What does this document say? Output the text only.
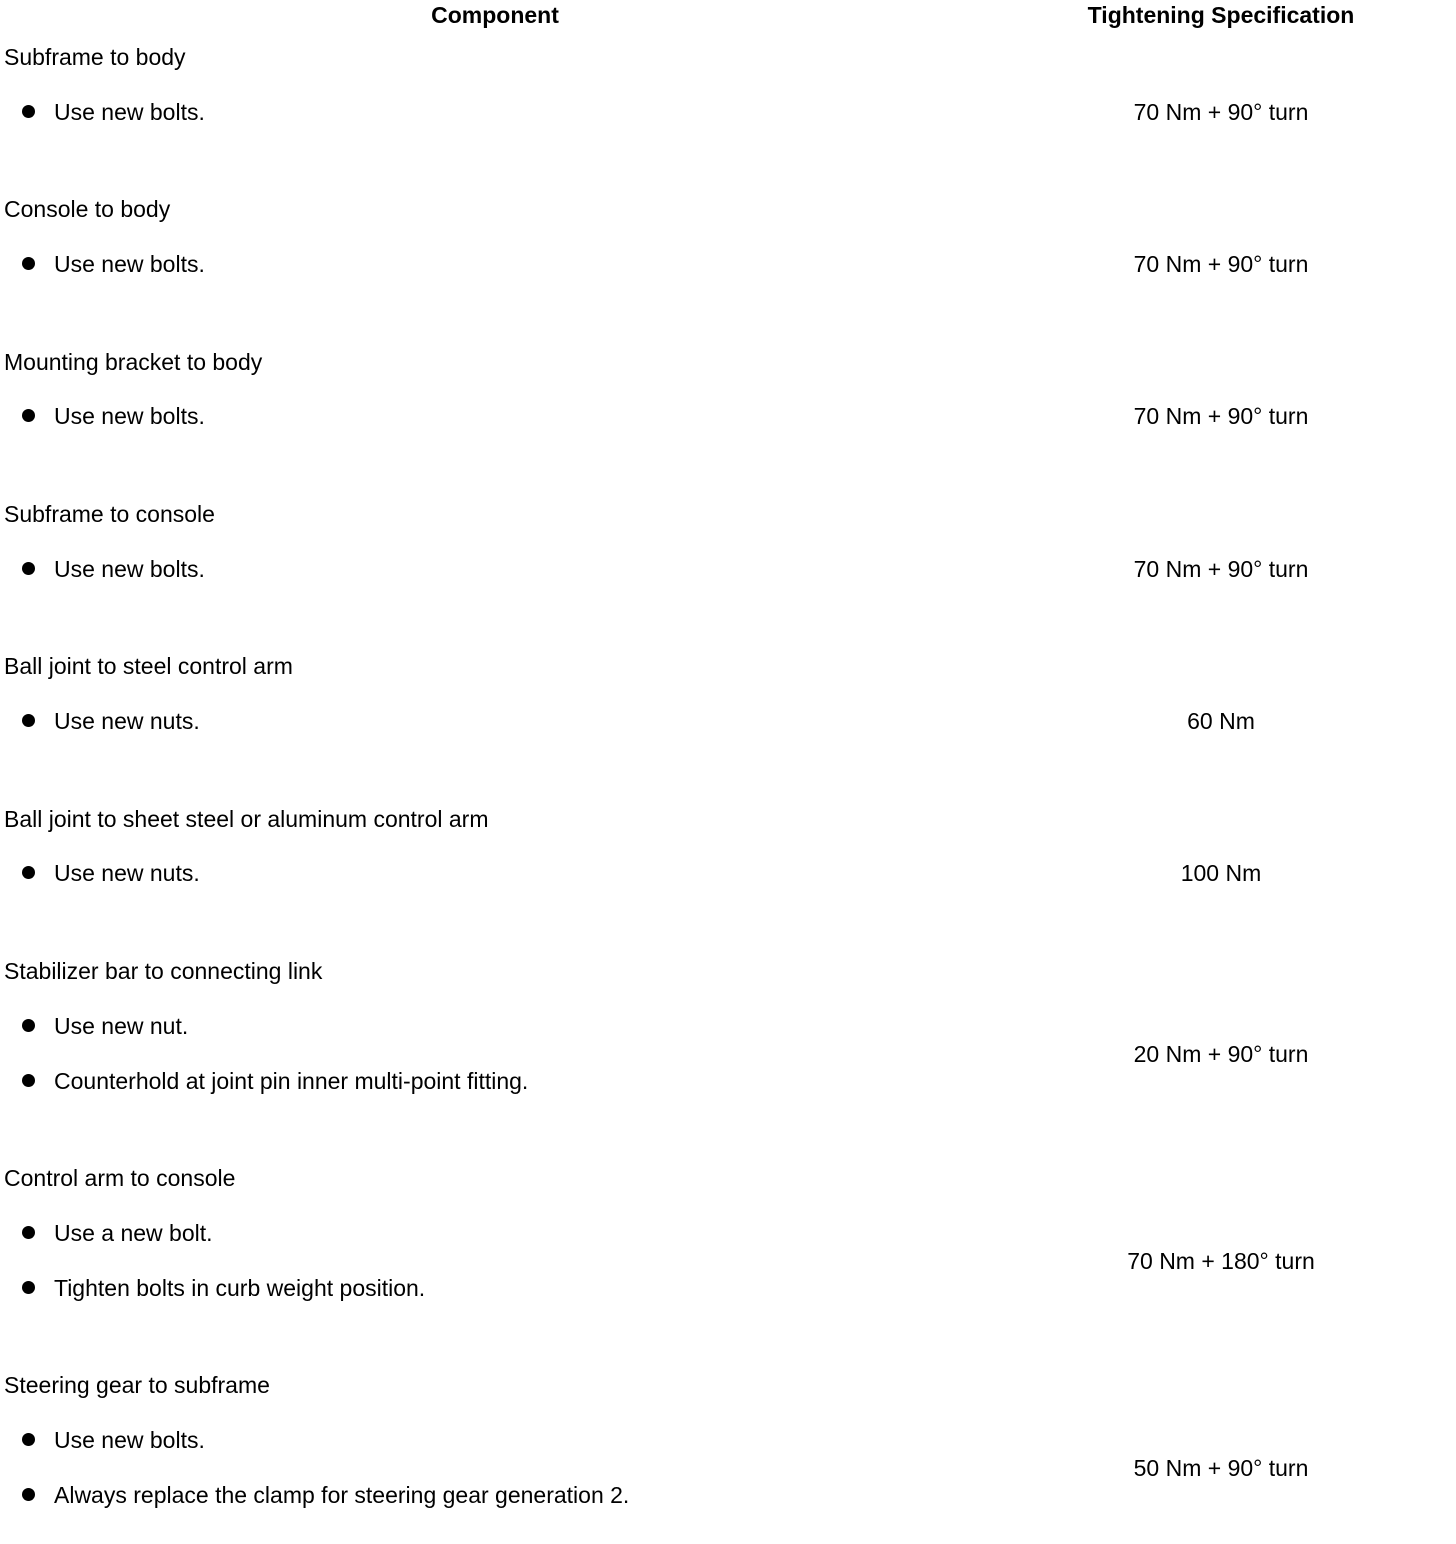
Component	Tightening Specification
Subframe to body
Use new bolts.	70 Nm + 90° turn
Console to body
Use new bolts.	70 Nm + 90° turn
Mounting bracket to body
Use new bolts.	70 Nm + 90° turn
Subframe to console
Use new bolts.	70 Nm + 90° turn
Ball joint to steel control arm
Use new nuts.	60 Nm
Ball joint to sheet steel or aluminum control arm
Use new nuts.	100 Nm
Stabilizer bar to connecting link
Use new nut.
Counterhold at joint pin inner multi-point fitting.
20 Nm + 90° turn
Control arm to console
Use a new bolt.
Tighten bolts in curb weight position.
70 Nm + 180° turn
Steering gear to subframe
Use new bolts.
Always replace the clamp for steering gear generation 2.
50 Nm + 90° turn
